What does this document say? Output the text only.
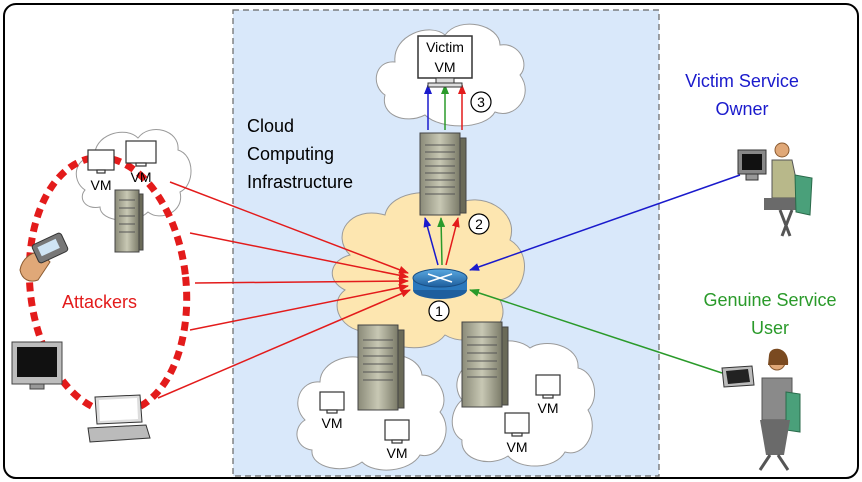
1
2
3
VM VM
VM
VM
VM
VM
Victim
VM
Cloud
Computing
Infrastructure
Attackers
Victim Service
Owner
Genuine Service
User
